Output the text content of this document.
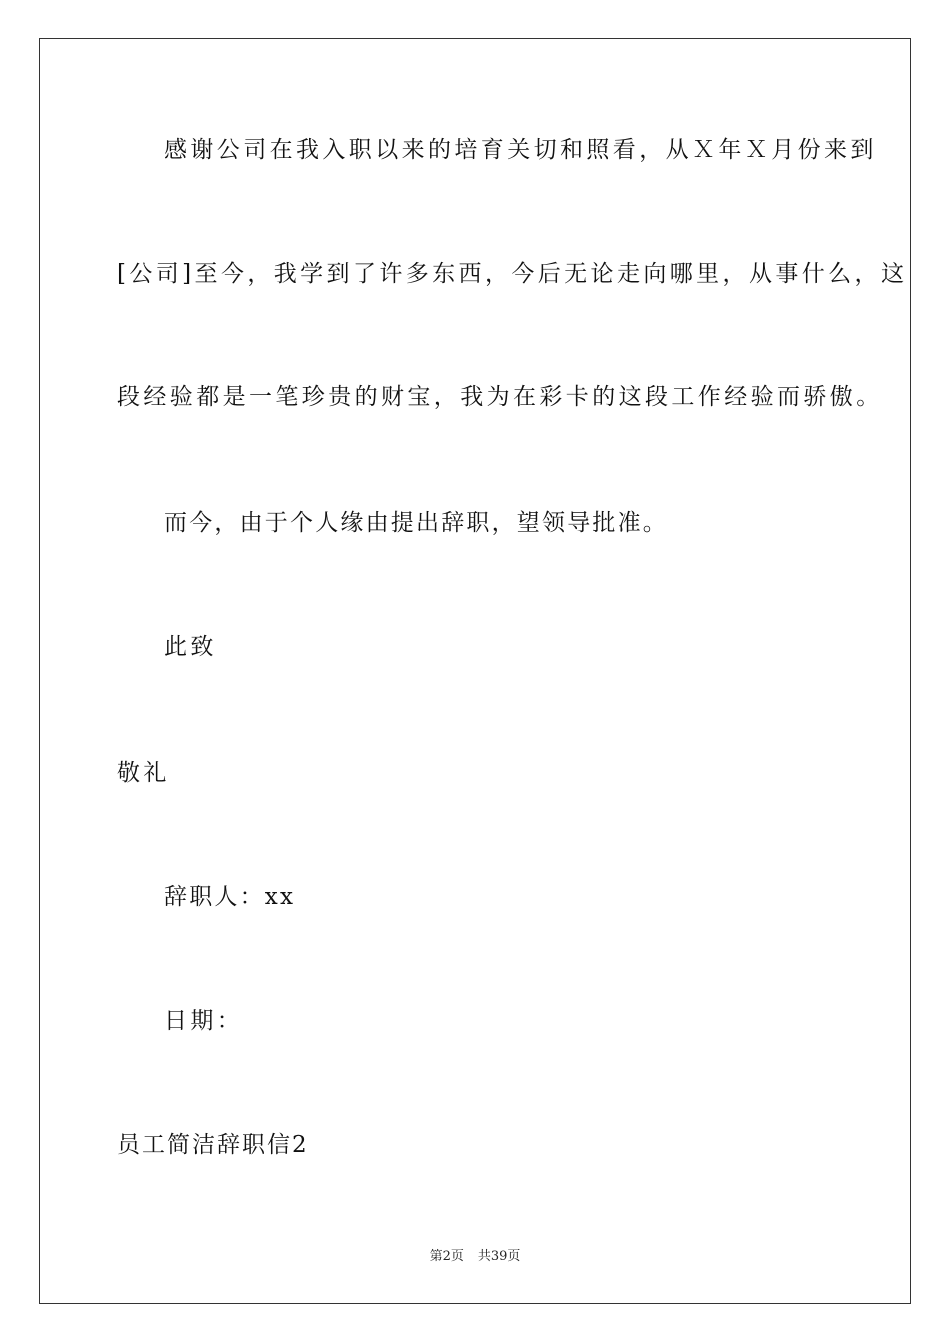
感谢公司在我入职以来的培育关切和照看，从Ｘ年Ｘ月份来到
[公司]至今，我学到了许多东西，今后无论走向哪里，从事什么，这
段经验都是一笔珍贵的财宝，我为在彩卡的这段工作经验而骄傲。
而今，由于个人缘由提出辞职，望领导批准。
此致
敬礼
辞职人：xx
日期：
员工简洁辞职信2
第2页 共39页
